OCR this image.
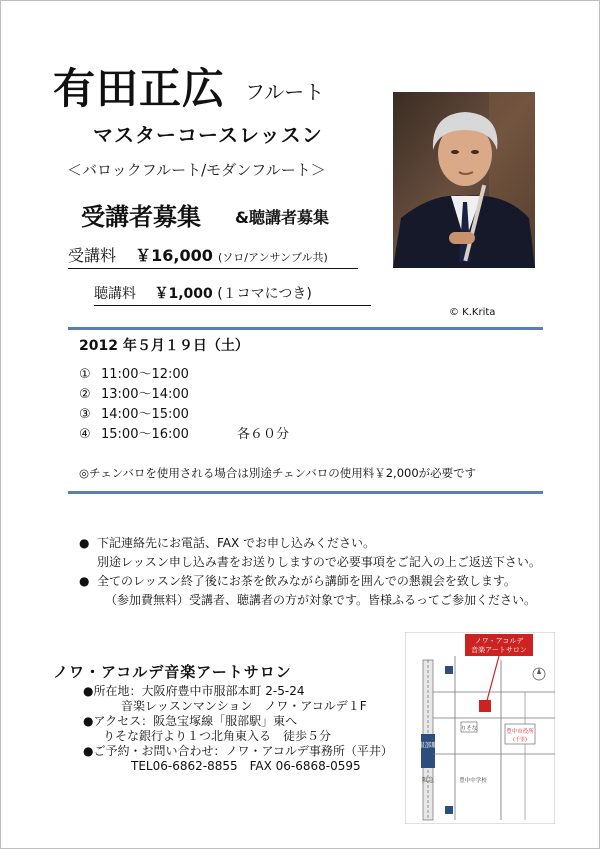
有田正広 フルート
マスターコースレッスン
＜バロックフルート/モダンフルート＞
受講者募集 &聴講者募集
受講料 ￥16,000 (ソロ/アンサンブル共)
聴講料 ￥1,000 (１コマにつき)
© K.Krita
2012 年５月１９日（土）
① 11:00〜12:00
② 13:00〜14:00
③ 14:00〜15:00
④ 15:00〜16:00	各６０分
◎チェンバロを使用される場合は別途チェンバロの使用料￥2,000が必要です
● 下記連絡先にお電話、FAX でお申し込みください。
別途レッスン申し込み書をお送りしますので必要事項をご記入の上ご返送下さい。
● 全てのレッスン終了後にお茶を飲みながら講師を囲んでの懇親会を致します。
（参加費無料）受講者、聴講者の方が対象です。皆様ふるってご参加ください。
ノワ・アコルデ音楽アートサロン
●所在地：大阪府豊中市服部本町 2-5-24
音楽レッスンマンション　ノワ・アコルデ１F
●アクセス：阪急宝塚線「服部駅」東へ
りそな銀行より１つ北角東入る　徒歩５分
●ご予約・お問い合わせ：ノワ・アコルデ事務所（平井）
TEL06-6862-8855　FAX 06-6868-0595
ノワ・アコルデ
音楽アートサロン
服部駅
阪急
りそな	豊中市役所
(千里)
豊中中学校
